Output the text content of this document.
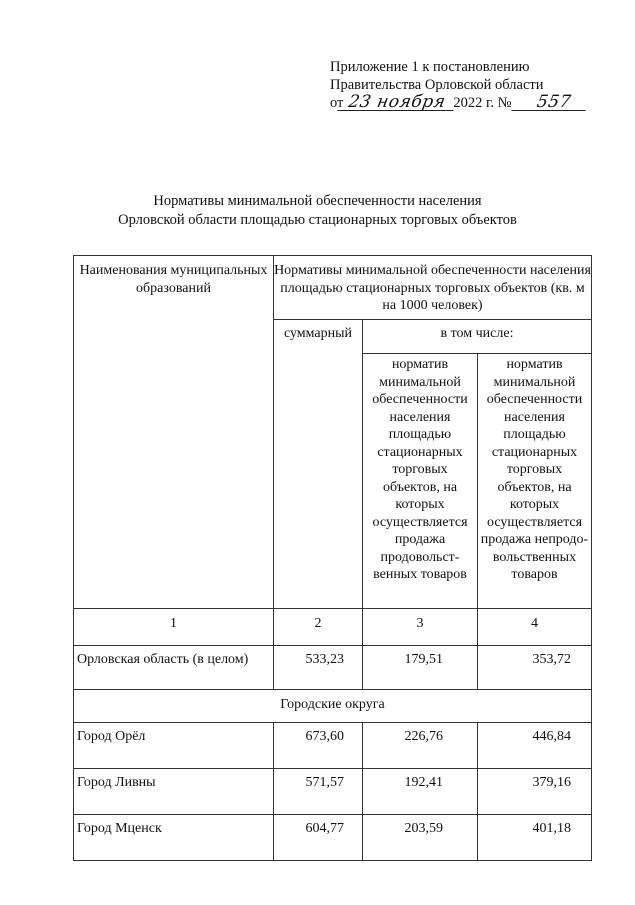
Приложение 1 к постановлению
Правительства Орловской области
от 23 ноября 2022 г. № 557
Нормативы минимальной обеспеченности населения
Орловской области площадью стационарных торговых объектов
Наименования муниципальных образований	Нормативы минимальной обеспеченности населения площадью стационарных торговых объектов (кв. м на 1000 человек)		
	суммарный	в том числе:	
		норматив минимальной обеспеченности населения площадью стационарных торговых объектов, на которых осуществляется продажа продовольст- венных товаров	норматив минимальной обеспеченности населения площадью стационарных торговых объектов, на которых осуществляется продажа непродо- вольственных товаров
1	2	3	4
Орловская область (в целом)	533,23	179,51	353,72
Городские округа			
Город Орёл	673,60	226,76	446,84
Город Ливны	571,57	192,41	379,16
Город Мценск	604,77	203,59	401,18
